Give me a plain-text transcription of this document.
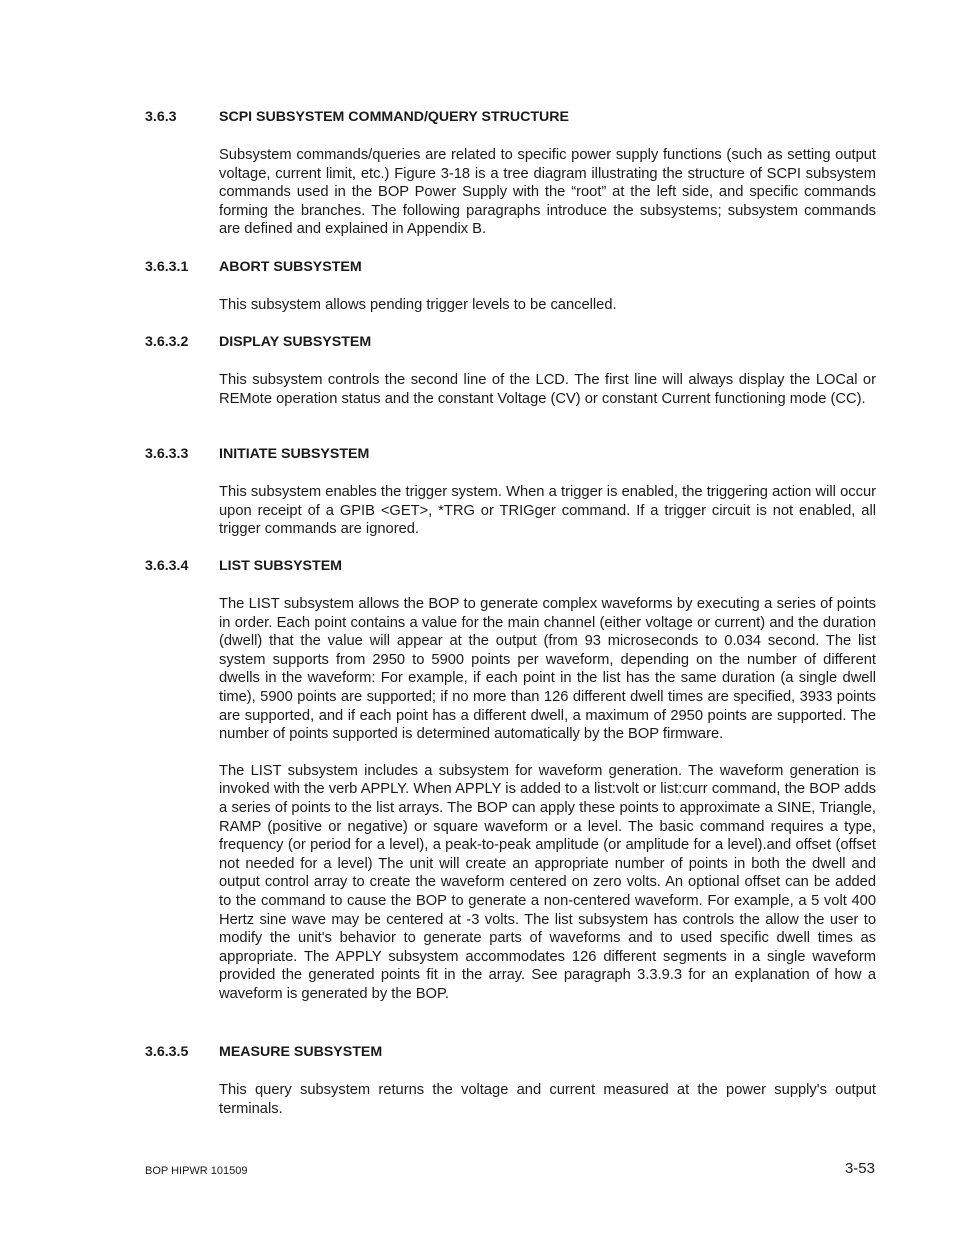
3.6.3	SCPI SUBSYSTEM COMMAND/QUERY STRUCTURE
Subsystem commands/queries are related to specific power supply functions (such as setting output voltage, current limit, etc.) Figure 3-18 is a tree diagram illustrating the structure of SCPI subsystem commands used in the BOP Power Supply with the “root” at the left side, and specific commands forming the branches. The following paragraphs introduce the subsystems; subsystem commands are defined and explained in Appendix B.
3.6.3.1	ABORT SUBSYSTEM
This subsystem allows pending trigger levels to be cancelled.
3.6.3.2	DISPLAY SUBSYSTEM
This subsystem controls the second line of the LCD. The first line will always display the LOCal or REMote operation status and the constant Voltage (CV) or constant Current functioning mode (CC).
3.6.3.3	INITIATE SUBSYSTEM
This subsystem enables the trigger system. When a trigger is enabled, the triggering action will occur upon receipt of a GPIB <GET>, *TRG or TRIGger command. If a trigger circuit is not enabled, all trigger commands are ignored.
3.6.3.4	LIST SUBSYSTEM
The LIST subsystem allows the BOP to generate complex waveforms by executing a series of points in order. Each point contains a value for the main channel (either voltage or current) and the duration (dwell) that the value will appear at the output (from 93 microseconds to 0.034 second. The list system supports from 2950 to 5900 points per waveform, depending on the number of different dwells in the waveform: For example, if each point in the list has the same duration (a single dwell time), 5900 points are supported; if no more than 126 different dwell times are specified, 3933 points are supported, and if each point has a different dwell, a maximum of 2950 points are supported. The number of points supported is determined automatically by the BOP firmware.
The LIST subsystem includes a subsystem for waveform generation. The waveform generation is invoked with the verb APPLY. When APPLY is added to a list:volt or list:curr command, the BOP adds a series of points to the list arrays. The BOP can apply these points to approximate a SINE, Triangle, RAMP (positive or negative) or square waveform or a level. The basic command requires a type, frequency (or period for a level), a peak-to-peak amplitude (or amplitude for a level).and offset (offset not needed for a level) The unit will create an appropriate number of points in both the dwell and output control array to create the waveform centered on zero volts. An optional offset can be added to the command to cause the BOP to generate a non-centered waveform. For example, a 5 volt 400 Hertz sine wave may be centered at -3 volts. The list subsystem has controls the allow the user to modify the unit's behavior to generate parts of waveforms and to used specific dwell times as appropriate. The APPLY subsystem accommodates 126 different segments in a single waveform provided the generated points fit in the array. See paragraph 3.3.9.3 for an explanation of how a waveform is generated by the BOP.
3.6.3.5	MEASURE SUBSYSTEM
This query subsystem returns the voltage and current measured at the power supply's output terminals.
BOP HIPWR 101509	3-53
